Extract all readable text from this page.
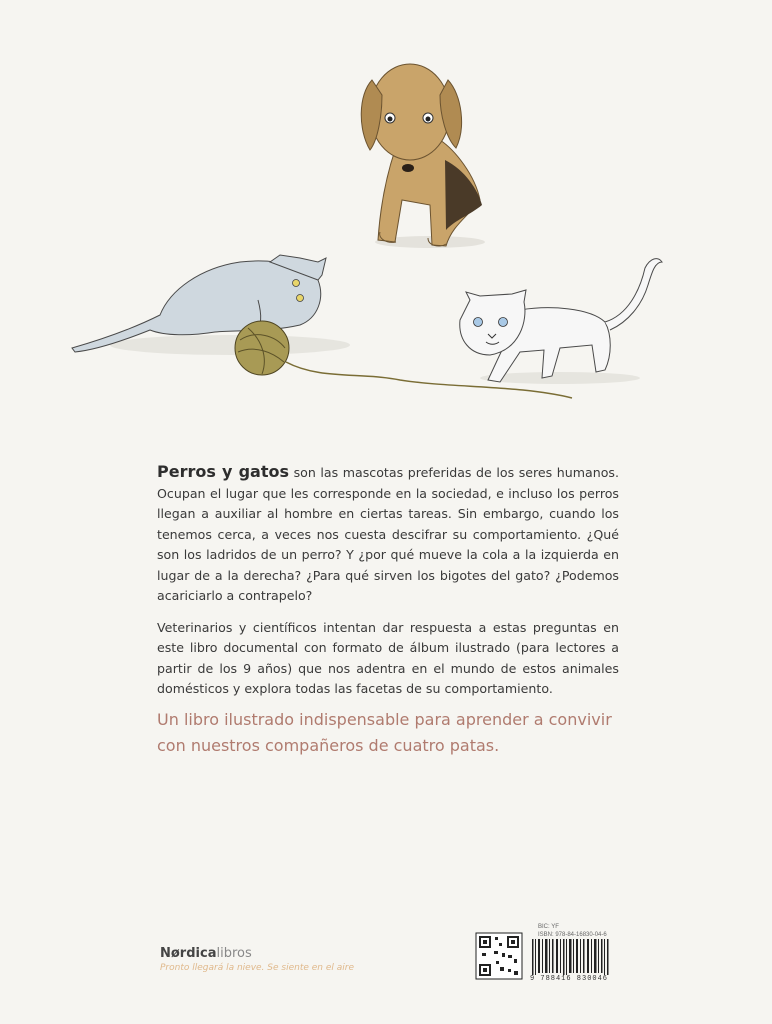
Perros y gatos son las mascotas preferidas de los seres humanos. Ocupan el lugar que les corresponde en la sociedad, e incluso los perros llegan a auxiliar al hombre en ciertas tareas. Sin embargo, cuando los tenemos cerca, a veces nos cuesta descifrar su comportamiento. ¿Qué son los ladridos de un perro? Y ¿por qué mueve la cola a la izquierda en lugar de a la derecha? ¿Para qué sirven los bigotes del gato? ¿Podemos acariciarlo a contrapelo?

Veterinarios y científicos intentan dar respuesta a estas preguntas en este libro documental con formato de álbum ilustrado (para lectores a partir de los 9 años) que nos adentra en el mundo de estos animales domésticos y explora todas las facetas de su comportamiento.

Un libro ilustrado indispensable para aprender a convivir con nuestros compañeros de cuatro patas.
Nørdicalibros
Pronto llegará la nieve. Se siente en el aire
BIC: YF
ISBN: 978-84-16830-04-6
9 788416 830046
